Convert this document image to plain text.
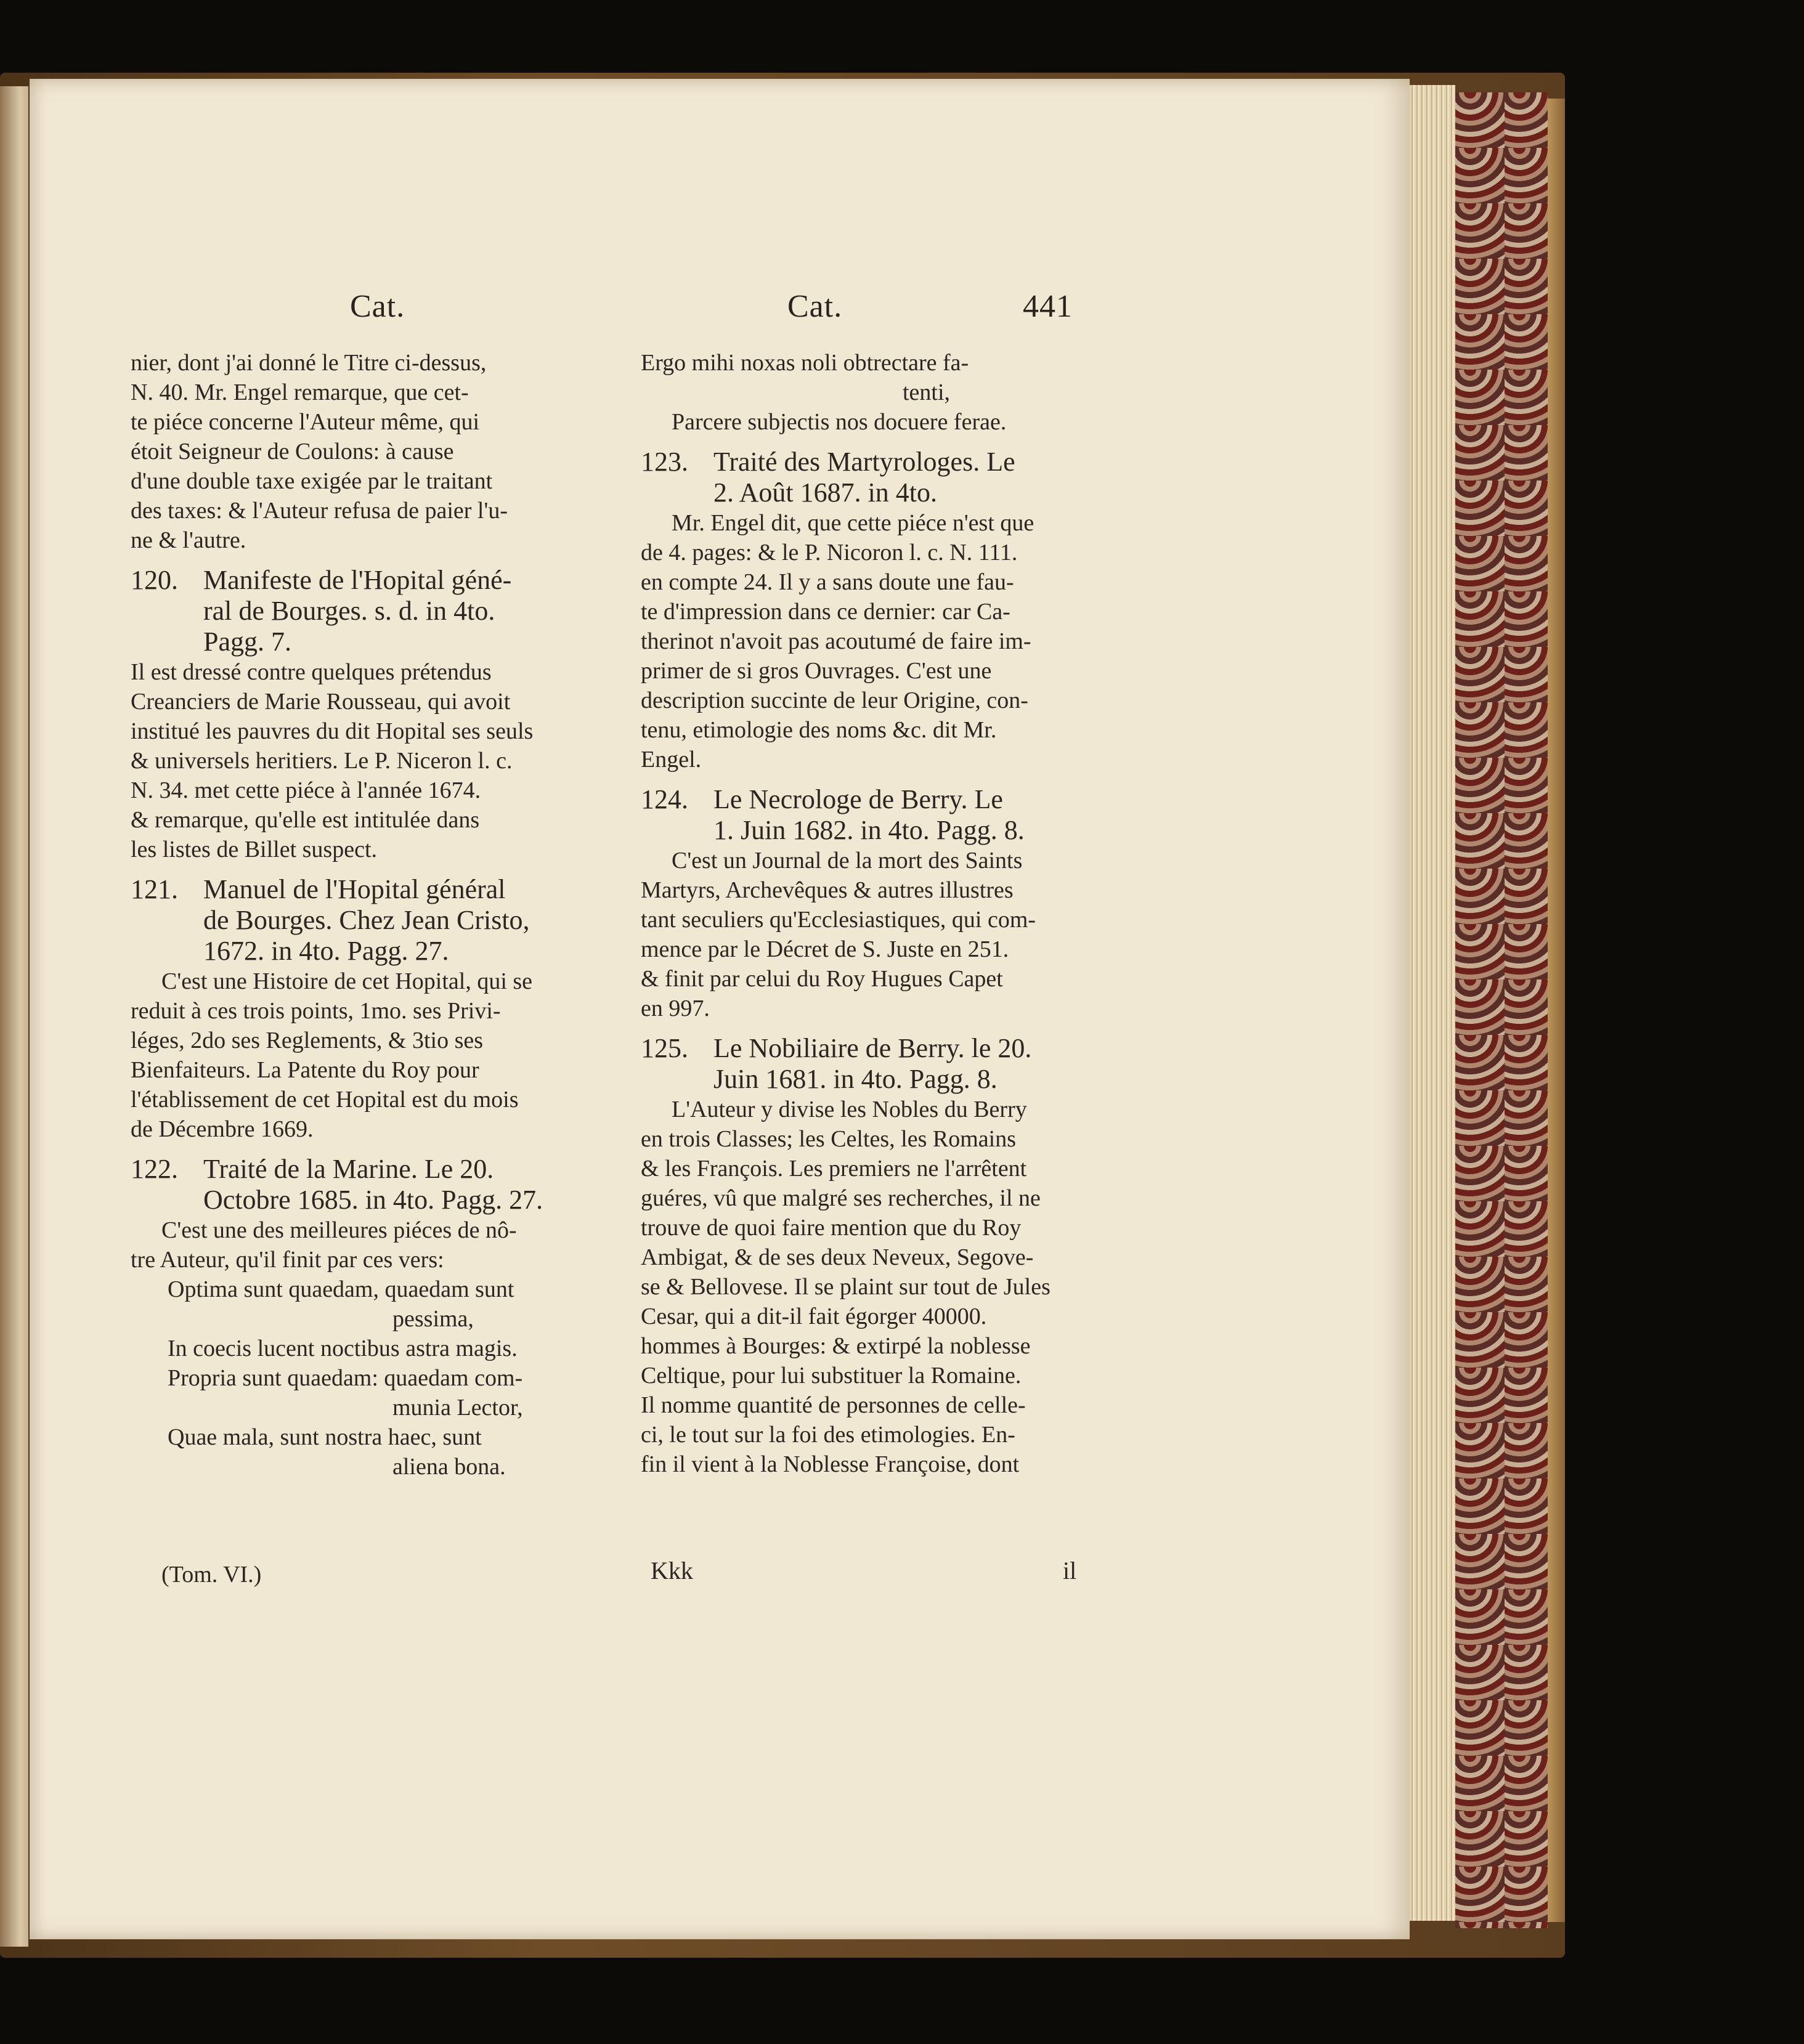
Cat.	Cat.	441
nier, dont j'ai donné le Titre ci-dessus,
N. 40. Mr. Engel remarque, que cet-
te piéce concerne l'Auteur même, qui
étoit Seigneur de Coulons: à cause
d'une double taxe exigée par le traitant
des taxes: & l'Auteur refusa de paier l'u-
ne & l'autre.
120. Manifeste de l'Hopital géné-
ral de Bourges. s. d. in 4to.
Pagg. 7.
Il est dressé contre quelques prétendus
Creanciers de Marie Rousseau, qui avoit
institué les pauvres du dit Hopital ses seuls
& universels heritiers. Le P. Niceron l. c.
N. 34. met cette piéce à l'année 1674.
& remarque, qu'elle est intitulée dans
les listes de Billet suspect.
121. Manuel de l'Hopital général
de Bourges. Chez Jean Cristo,
1672. in 4to. Pagg. 27.
C'est une Histoire de cet Hopital, qui se
reduit à ces trois points, 1mo. ses Privi-
léges, 2do ses Reglements, & 3tio ses
Bienfaiteurs. La Patente du Roy pour
l'établissement de cet Hopital est du mois
de Décembre 1669.
122. Traité de la Marine. Le 20.
Octobre 1685. in 4to. Pagg. 27.
C'est une des meilleures piéces de nô-
tre Auteur, qu'il finit par ces vers:
Optima sunt quaedam, quaedam sunt
pessima,
In coecis lucent noctibus astra magis.
Propria sunt quaedam: quaedam com-
munia Lector,
Quae mala, sunt nostra haec, sunt
aliena bona.
Ergo mihi noxas noli obtrectare fa-
tenti,
Parcere subjectis nos docuere ferae.
123. Traité des Martyrologes. Le
2. Août 1687. in 4to.
Mr. Engel dit, que cette piéce n'est que
de 4. pages: & le P. Nicoron l. c. N. 111.
en compte 24. Il y a sans doute une fau-
te d'impression dans ce dernier: car Ca-
therinot n'avoit pas acoutumé de faire im-
primer de si gros Ouvrages. C'est une
description succinte de leur Origine, con-
tenu, etimologie des noms &c. dit Mr.
Engel.
124. Le Necrologe de Berry. Le
1. Juin 1682. in 4to. Pagg. 8.
C'est un Journal de la mort des Saints
Martyrs, Archevêques & autres illustres
tant seculiers qu'Ecclesiastiques, qui com-
mence par le Décret de S. Juste en 251.
& finit par celui du Roy Hugues Capet
en 997.
125. Le Nobiliaire de Berry. le 20.
Juin 1681. in 4to. Pagg. 8.
L'Auteur y divise les Nobles du Berry
en trois Classes; les Celtes, les Romains
& les François. Les premiers ne l'arrêtent
guéres, vû que malgré ses recherches, il ne
trouve de quoi faire mention que du Roy
Ambigat, & de ses deux Neveux, Segove-
se & Bellovese. Il se plaint sur tout de Jules
Cesar, qui a dit-il fait égorger 40000.
hommes à Bourges: & extirpé la noblesse
Celtique, pour lui substituer la Romaine.
Il nomme quantité de personnes de celle-
ci, le tout sur la foi des etimologies. En-
fin il vient à la Noblesse Françoise, dont
(Tom. VI.)	Kkk	il
